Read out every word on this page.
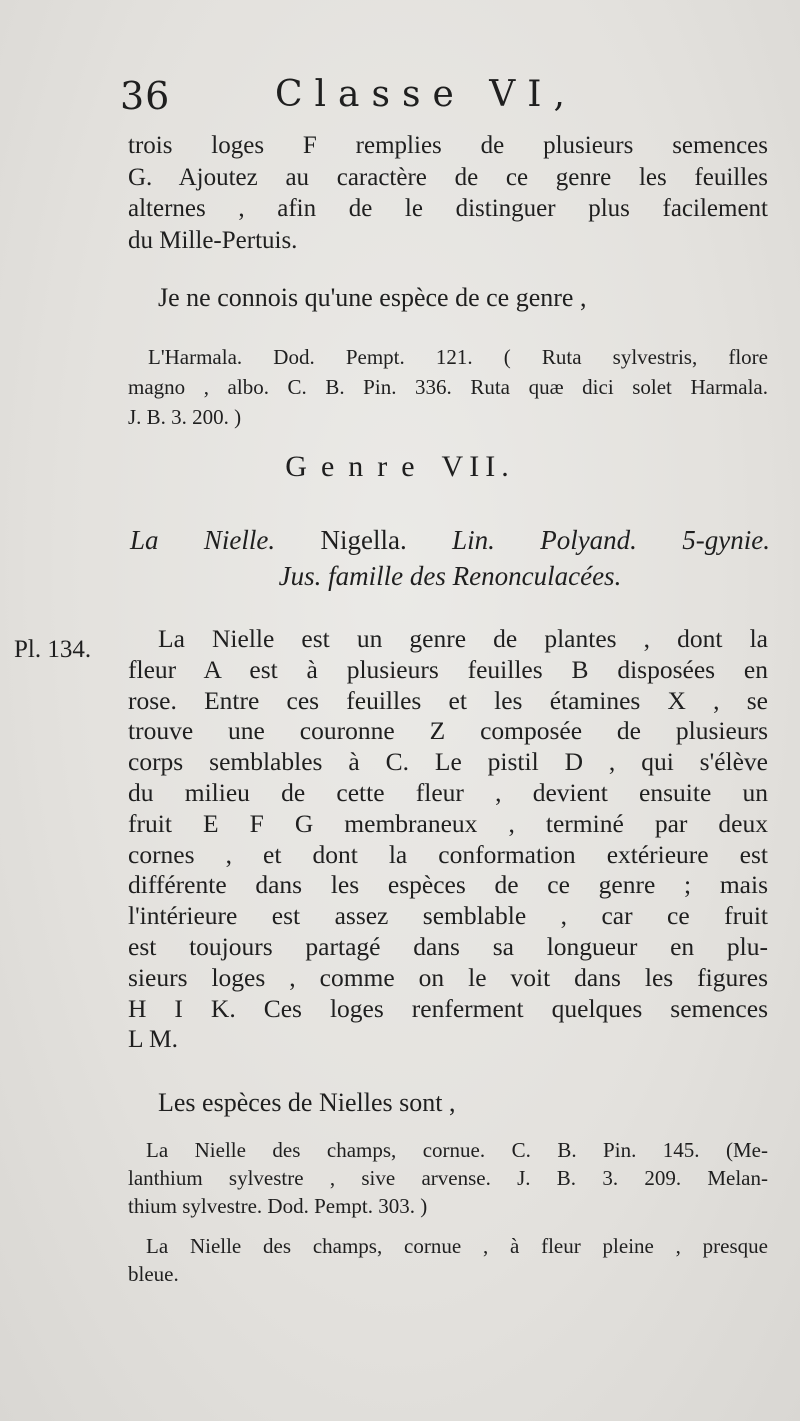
36	Classe VI,
trois loges F remplies de plusieurs semences
G. Ajoutez au caractère de ce genre les feuilles
alternes , afin de le distinguer plus facilement
du Mille-Pertuis.
Je ne connois qu'une espèce de ce genre ,
L'Harmala. Dod. Pempt. 121. ( Ruta sylvestris, flore
magno , albo. C. B. Pin. 336. Ruta quæ dici solet Harmala.
J. B. 3. 200. )
Genre VII.
La Nielle. Nigella. Lin. Polyand. 5-gynie.
Jus. famille des Renonculacées.
Pl. 134.	La Nielle est un genre de plantes , dont la
fleur A est à plusieurs feuilles B disposées en
rose. Entre ces feuilles et les étamines X , se
trouve une couronne Z composée de plusieurs
corps semblables à C. Le pistil D , qui s'élève
du milieu de cette fleur , devient ensuite un
fruit E F G membraneux , terminé par deux
cornes , et dont la conformation extérieure est
différente dans les espèces de ce genre ; mais
l'intérieure est assez semblable , car ce fruit
est toujours partagé dans sa longueur en plu-
sieurs loges , comme on le voit dans les figures
H I K. Ces loges renferment quelques semences
L M.
Les espèces de Nielles sont ,
La Nielle des champs, cornue. C. B. Pin. 145. (Me-
lanthium sylvestre , sive arvense. J. B. 3. 209. Melan-
thium sylvestre. Dod. Pempt. 303. )
La Nielle des champs, cornue , à fleur pleine , presque
bleue.
